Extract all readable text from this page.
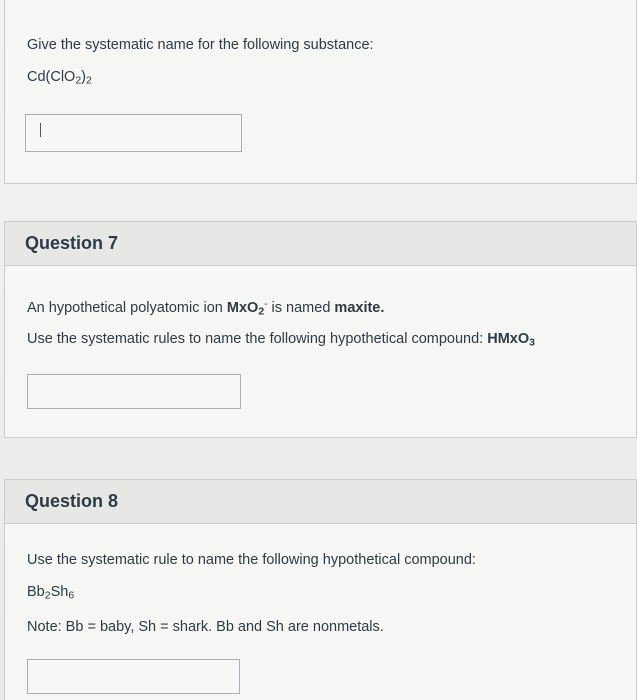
Give the systematic name for the following substance:
$Cd(ClO_2)_2$
Question 7
An hypothetical polyatomic ion MxO$_2$- is named maxite.
Use the systematic rules to name the following hypothetical compound: HMxO$_3$
Question 8
Use the systematic rule to name the following hypothetical compound:
$Bb_2Sh_6$
Note: Bb = baby, Sh = shark. Bb and Sh are nonmetals.
